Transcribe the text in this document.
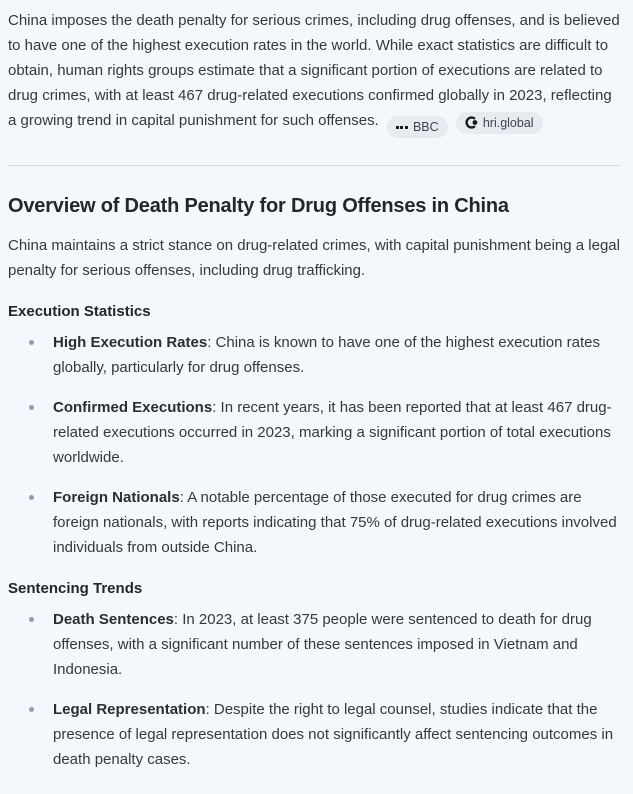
China imposes the death penalty for serious crimes, including drug offenses, and is believed to have one of the highest execution rates in the world. While exact statistics are difficult to obtain, human rights groups estimate that a significant portion of executions are related to drug crimes, with at least 467 drug-related executions confirmed globally in 2023, reflecting a growing trend in capital punishment for such offenses.	BBC
	hri.global

Overview of Death Penalty for Drug Offenses in China

China maintains a strict stance on drug-related crimes, with capital punishment being a legal penalty for serious offenses, including drug trafficking.

Execution Statistics
High Execution Rates: China is known to have one of the highest execution rates globally, particularly for drug offenses.
Confirmed Executions: In recent years, it has been reported that at least 467 drug-related executions occurred in 2023, marking a significant portion of total executions worldwide.
Foreign Nationals: A notable percentage of those executed for drug crimes are foreign nationals, with reports indicating that 75% of drug-related executions involved individuals from outside China.
Sentencing Trends
Death Sentences: In 2023, at least 375 people were sentenced to death for drug offenses, with a significant number of these sentences imposed in Vietnam and Indonesia.
Legal Representation: Despite the right to legal counsel, studies indicate that the presence of legal representation does not significantly affect sentencing outcomes in death penalty cases.
